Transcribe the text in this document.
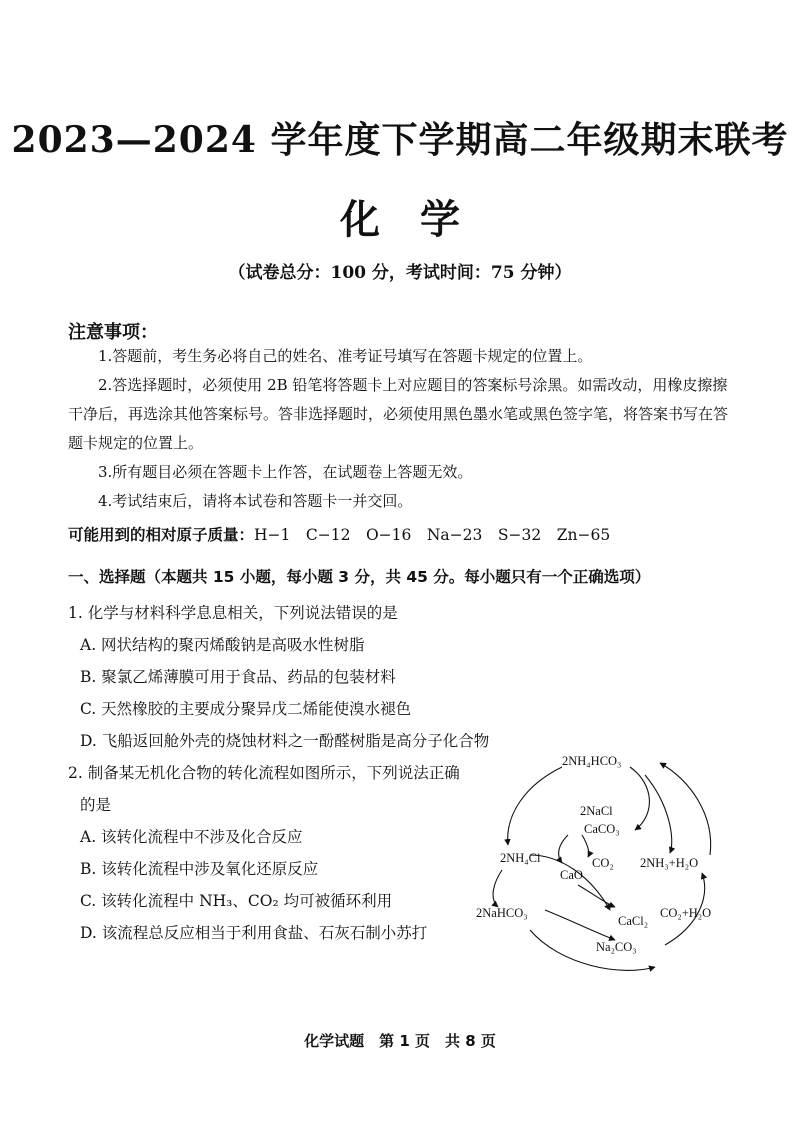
2023—2024 学年度下学期高二年级期末联考
化学
（试卷总分：100 分，考试时间：75 分钟）
注意事项：
1.答题前，考生务必将自己的姓名、准考证号填写在答题卡规定的位置上。
2.答选择题时，必须使用 2B 铅笔将答题卡上对应题目的答案标号涂黑。如需改动，用橡皮擦擦干净后，再选涂其他答案标号。答非选择题时，必须使用黑色墨水笔或黑色签字笔，将答案书写在答题卡规定的位置上。
3.所有题目必须在答题卡上作答，在试题卷上答题无效。
4.考试结束后，请将本试卷和答题卡一并交回。
可能用到的相对原子质量：H−1　C−12　O−16　Na−23　S−32　Zn−65
一、选择题（本题共 15 小题，每小题 3 分，共 45 分。每小题只有一个正确选项）
1. 化学与材料科学息息相关，下列说法错误的是
A. 网状结构的聚丙烯酸钠是高吸水性树脂
B. 聚氯乙烯薄膜可用于食品、药品的包装材料
C. 天然橡胶的主要成分聚异戊二烯能使溴水褪色
D. 飞船返回舱外壳的烧蚀材料之一酚醛树脂是高分子化合物
2. 制备某无机化合物的转化流程如图所示，下列说法正确
的是
A. 该转化流程中不涉及化合反应
B. 该转化流程中涉及氧化还原反应
C. 该转化流程中 NH₃、CO₂ 均可被循环利用
D. 该流程总反应相当于利用食盐、石灰石制小苏打
2NH₄HCO₃
2NaCl
CaCO₃
2NH₄Cl	CO₂ 2NH₃+H₂O
CaO
2NaHCO₃
CaCl₂
CO₂+H₂O
Na₂CO₃
化学试题　第 1 页　共 8 页
